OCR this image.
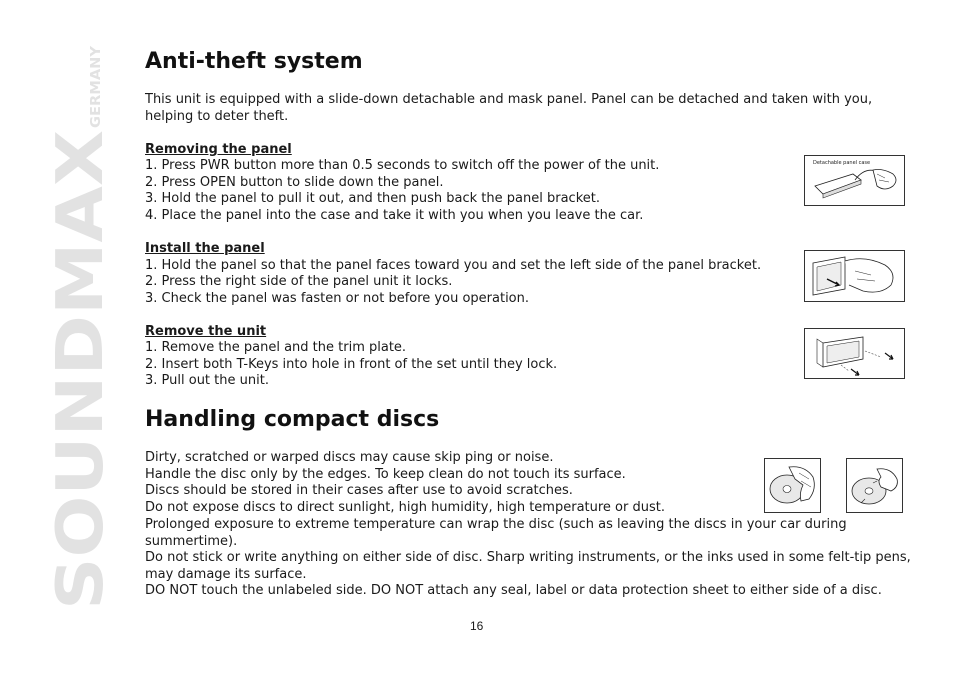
SOUNDMAX
GERMANY Anti-theft system
This unit is equipped with a slide-down detachable and mask panel. Panel can be detached and taken with you, helping to deter theft.
Removing the panel
1. Press PWR button more than 0.5 seconds to switch off the power of the unit.
2. Press OPEN button to slide down the panel.
3. Hold the panel to pull it out, and then push back the panel bracket.
4. Place the panel into the case and take it with you when you leave the car.
Install the panel
1. Hold the panel so that the panel faces toward you and set the left side of the panel bracket.
2. Press the right side of the panel unit it locks.
3. Check the panel was fasten or not before you operation.
Remove the unit
1. Remove the panel and the trim plate.
2. Insert both T-Keys into hole in front of the set until they lock.
3. Pull out the unit.
Handling compact discs
Dirty, scratched or warped discs may cause skip ping or noise.
Handle the disc only by the edges. To keep clean do not touch its surface.
Discs should be stored in their cases after use to avoid scratches.
Do not expose discs to direct sunlight, high humidity, high temperature or dust.
Prolonged exposure to extreme temperature can wrap the disc (such as leaving the discs in your car during summertime).
Do not stick or write anything on either side of disc. Sharp writing instruments, or the inks used in some felt-tip pens, may damage its surface.
DO NOT touch the unlabeled side. DO NOT attach any seal, label or data protection sheet to either side of a disc.
Detachable panel case
16
